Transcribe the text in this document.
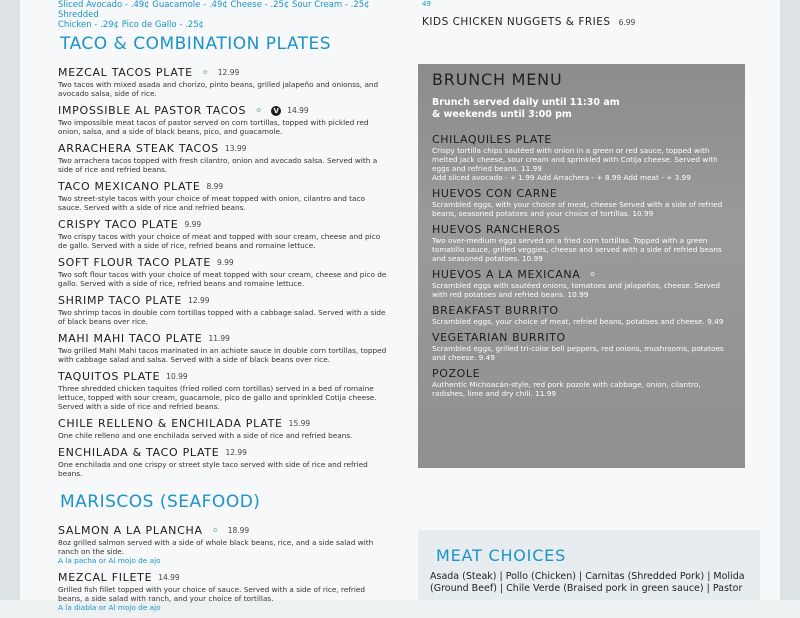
Sliced Avocado - .49¢ Guacamole - .49¢ Cheese - .25¢ Sour Cream - .25¢ Shredded
Chicken - .29¢ Pico de Gallo - .25¢
TACO & COMBINATION PLATES
MEZCAL TACOS PLATE	✿	12.99
Two tacos with mixed asada and chorizo, pinto beans, grilled jalapeño and onionss, and avocado salsa, side of rice.
IMPOSSIBLE AL PASTOR TACOS	✿	V	14.99
Two impossible meat tacos of pastor served on corn tortillas, topped with pickled red onion, salsa, and a side of black beans, pico, and guacamole.
ARRACHERA STEAK TACOS 13.99
Two arrachera tacos topped with fresh cilantro, onion and avocado salsa. Served with a side of rice and refried beans.
TACO MEXICANO PLATE 8.99
Two street-style tacos with your choice of meat topped with onion, cilantro and taco sauce. Served with a side of rice and refried beans.
CRISPY TACO PLATE 9.99
Two crispy tacos with your choice of meat and topped with sour cream, cheese and pico de gallo. Served with a side of rice, refried beans and romaine lettuce.
SOFT FLOUR TACO PLATE 9.99
Two soft flour tacos with your choice of meat topped with sour cream, cheese and pico de gallo. Served with a side of rice, refried beans and romaine lettuce.
SHRIMP TACO PLATE 12.99
Two shrimp tacos in double corn tortillas topped with a cabbage salad. Served with a side of black beans over rice.
MAHI MAHI TACO PLATE 11.99
Two grilled Mahi Mahi tacos marinated in an achiote sauce in double corn tortillas, topped with cabbage salad and salsa. Served with a side of black beans over rice.
TAQUITOS PLATE 10.99
Three shredded chicken taquitos (fried rolled corn tortillas) served in a bed of romaine lettuce, topped with sour cream, guacamole, pico de gallo and sprinkled Cotija cheese. Served with a side of rice and refried beans.
CHILE RELLENO & ENCHILADA PLATE 15.99
One chile relleno and one enchilada served with a side of rice and refried beans.
ENCHILADA & TACO PLATE 12.99
One enchilada and one crispy or street style taco served with side of rice and refried beans.
MARISCOS (SEAFOOD)
SALMON A LA PLANCHA	✿	18.99
8oz grilled salmon served with a side of whole black beans, rice, and a side salad with ranch on the side.
A la pacha or Al mojo de ajo
MEZCAL FILETE 14.99
Grilled fish fillet topped with your choice of sauce. Served with a side of rice, refried beans, a side salad with ranch, and your choice of tortillas.
A la diabla or Al mojo de ajo
49
KIDS CHICKEN NUGGETS & FRIES 6.99
BRUNCH MENU
Brunch served daily until 11:30 am
& weekends until 3:00 pm
CHILAQUILES PLATE
Crispy tortilla chips sautéed with onion in a green or red sauce, topped with melted jack cheese, sour cream and sprinkled with Cotija cheese. Served with eggs and refried beans. 11.99
Add sliced avocado - + 1.99 Add Arrachera - + 8.99 Add meat - + 3.99
HUEVOS CON CARNE
Scrambled eggs, with your choice of meat, cheese Served with a side of refried beans, seasoned potatoes and your choice of tortillas. 10.99
HUEVOS RANCHEROS
Two over-medium eggs served on a fried corn tortillas. Topped with a green tomatillo sauce, grilled veggies, cheese and served with a side of refried beans and seasoned potatoes. 10.99
HUEVOS A LA MEXICANA	✿
Scrambled eggs with sautéed onions, tomatoes and jalapeños, cheese. Served with red potatoes and refried beans. 10.99
BREAKFAST BURRITO
Scrambled eggs, your choice of meat, refried beans, potatoes and cheese. 9.49
VEGETARIAN BURRITO
Scrambled eggs, grilled tri-color bell peppers, red onions, mushrooms, potatoes and cheese. 9.49
POZOLE
Authentic Michoacán-style, red pork pozole with cabbage, onion, cilantro, radishes, lime and dry chili. 11.99
MEAT CHOICES
Asada (Steak) | Pollo (Chicken) | Carnitas (Shredded Pork) | Molida (Ground Beef) | Chile Verde (Braised pork in green sauce) | Pastor
